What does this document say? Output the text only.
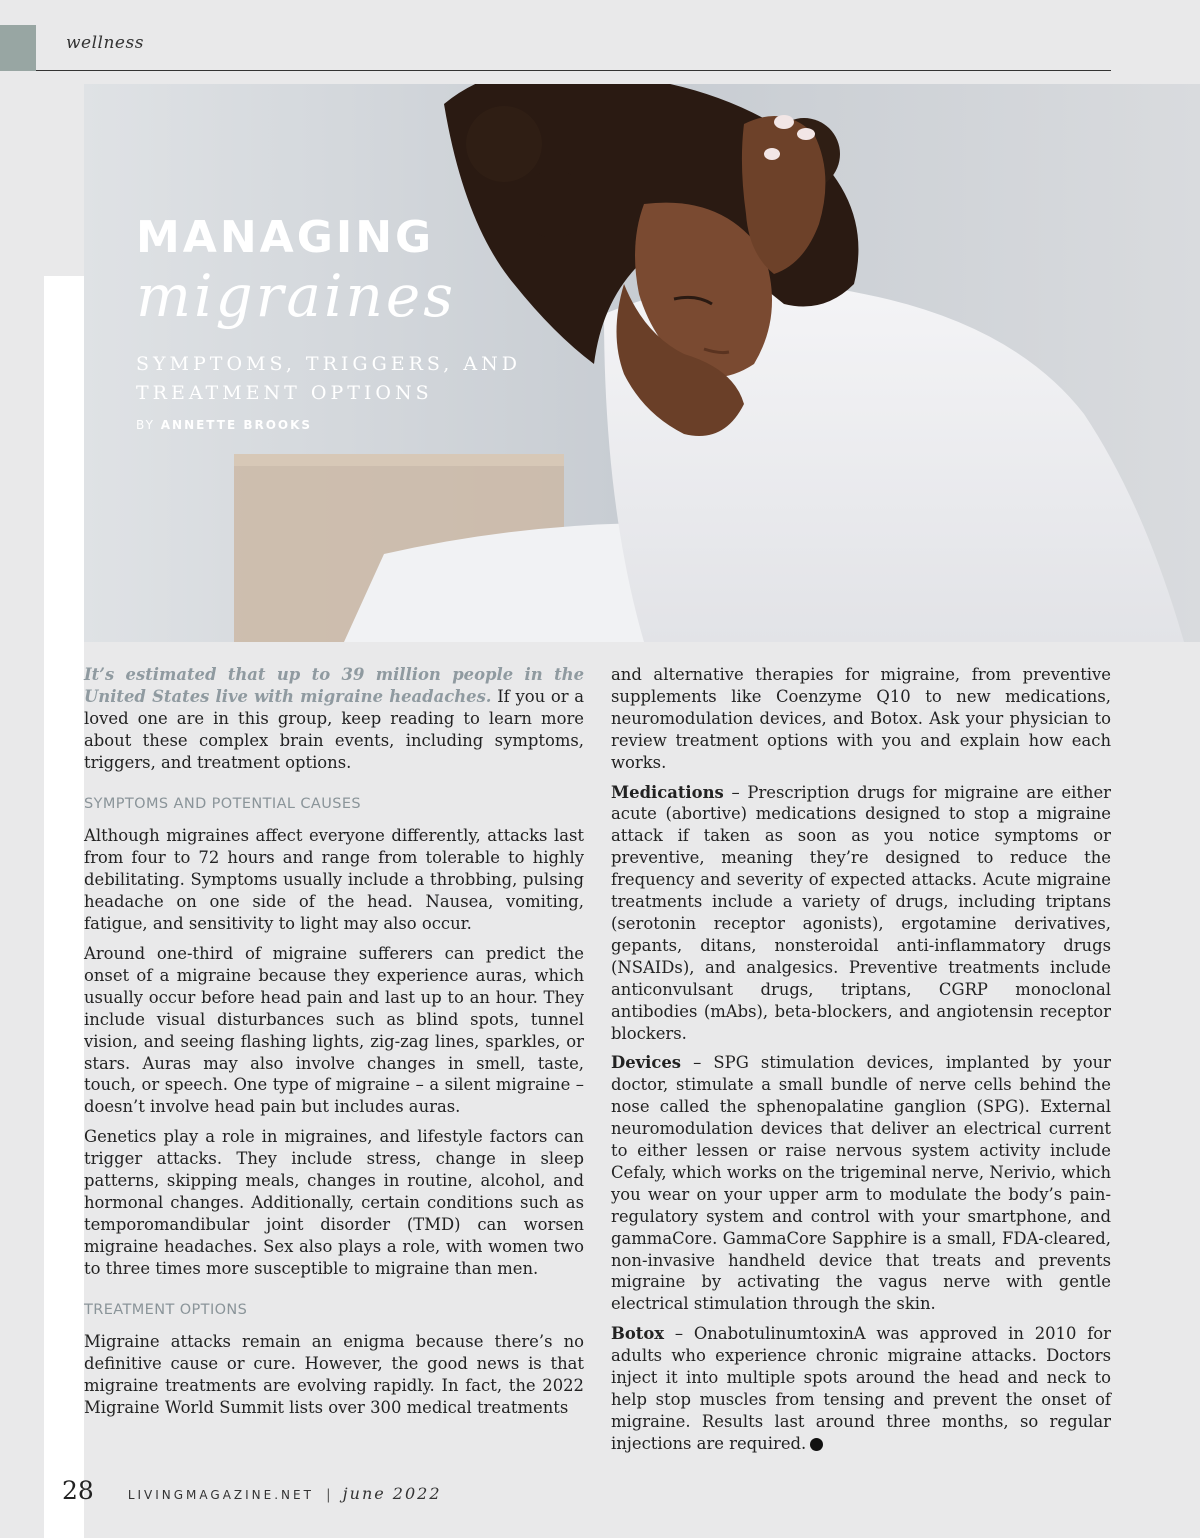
wellness
MANAGING
migraines
SYMPTOMS, TRIGGERS, AND
TREATMENT OPTIONS
BY ANNETTE BROOKS

It’s estimated that up to 39 million people in the United States live with migraine headaches. If you or a loved one are in this group, keep reading to learn more about these complex brain events, including symptoms, triggers, and treatment options.

SYMPTOMS AND POTENTIAL CAUSES

Although migraines affect everyone differently, attacks last from four to 72 hours and range from tolerable to highly debilitating. Symptoms usually include a throbbing, pulsing headache on one side of the head. Nausea, vomiting, fatigue, and sensitivity to light may also occur.

Around one-third of migraine sufferers can predict the onset of a migraine because they experience auras, which usually occur before head pain and last up to an hour. They include visual disturbances such as blind spots, tunnel vision, and seeing flashing lights, zig-zag lines, sparkles, or stars. Auras may also involve changes in smell, taste, touch, or speech. One type of migraine – a silent migraine – doesn’t involve head pain but includes auras.

Genetics play a role in migraines, and lifestyle factors can trigger attacks. They include stress, change in sleep patterns, skipping meals, changes in routine, alcohol, and hormonal changes. Additionally, certain conditions such as temporomandibular joint disorder (TMD) can worsen migraine headaches. Sex also plays a role, with women two to three times more susceptible to migraine than men.

TREATMENT OPTIONS

Migraine attacks remain an enigma because there’s no definitive cause or cure. However, the good news is that migraine treatments are evolving rapidly. In fact, the 2022 Migraine World Summit lists over 300 medical treatments

and alternative therapies for migraine, from preventive supplements like Coenzyme Q10 to new medications, neuromodulation devices, and Botox. Ask your physician to review treatment options with you and explain how each works.

Medications – Prescription drugs for migraine are either acute (abortive) medications designed to stop a migraine attack if taken as soon as you notice symptoms or preventive, meaning they’re designed to reduce the frequency and severity of expected attacks. Acute migraine treatments include a variety of drugs, including triptans (serotonin receptor agonists), ergotamine derivatives, gepants, ditans, nonsteroidal anti-inflammatory drugs (NSAIDs), and analgesics. Preventive treatments include anticonvulsant drugs, triptans, CGRP monoclonal antibodies (mAbs), beta-blockers, and angiotensin receptor blockers.

Devices – SPG stimulation devices, implanted by your doctor, stimulate a small bundle of nerve cells behind the nose called the sphenopalatine ganglion (SPG). External neuromodulation devices that deliver an electrical current to either lessen or raise nervous system activity include Cefaly, which works on the trigeminal nerve, Nerivio, which you wear on your upper arm to modulate the body’s pain-regulatory system and control with your smartphone, and gammaCore. GammaCore Sapphire is a small, FDA-cleared, non-invasive handheld device that treats and prevents migraine by activating the vagus nerve with gentle electrical stimulation through the skin.

Botox – OnabotulinumtoxinA was approved in 2010 for adults who experience chronic migraine attacks. Doctors inject it into multiple spots around the head and neck to help stop muscles from tensing and prevent the onset of migraine. Results last around three months, so regular injections are required.

28	LIVINGMAGAZINE.NET | june 2022
